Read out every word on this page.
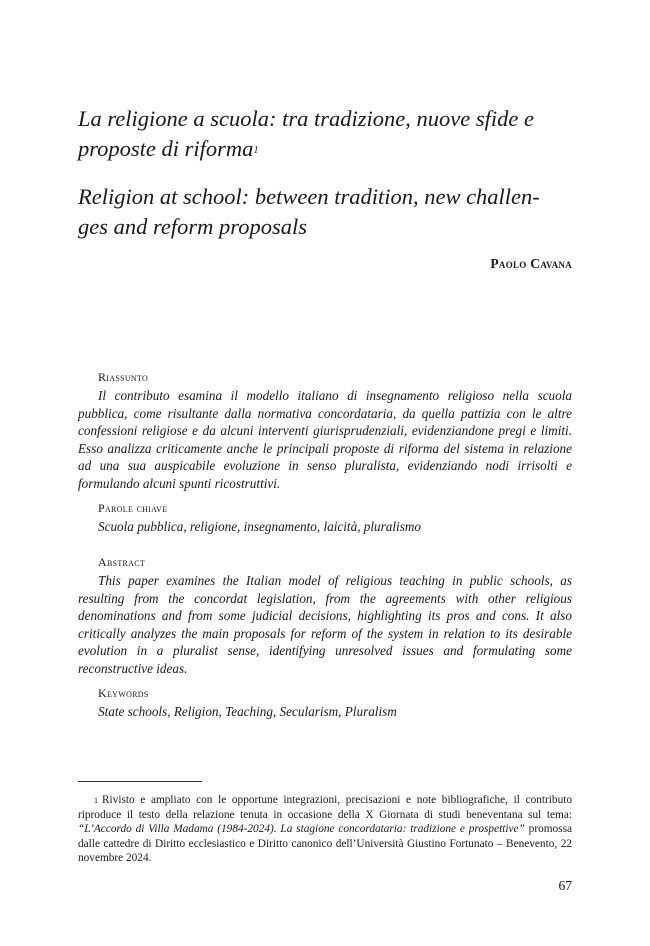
La religione a scuola: tra tradizione, nuove sfide e proposte di riforma$^1$
Religion at school: between tradition, new challen-
ges and reform proposals
Paolo Cavana
Riassunto
Il contributo esamina il modello italiano di insegnamento religioso nella scuola pubblica, come risultante dalla normativa concordataria, da quella pattizia con le altre confessioni religiose e da alcuni interventi giurisprudenziali, evidenziandone pregi e limiti. Esso analizza criticamente anche le principali proposte di riforma del sistema in relazione ad una sua auspicabile evoluzione in senso pluralista, evidenziando nodi irrisolti e formulando alcuni spunti ricostruttivi.
Parole chiave
Scuola pubblica, religione, insegnamento, laicità, pluralismo
Abstract
This paper examines the Italian model of religious teaching in public schools, as resulting from the concordat legislation, from the agreements with other religious denominations and from some judicial decisions, highlighting its pros and cons. It also critically analyzes the main proposals for reform of the system in relation to its desirable evolution in a pluralist sense, identifying unresolved issues and formulating some reconstructive ideas.
Keywords
State schools, Religion, Teaching, Secularism, Pluralism
$^1$ Rivisto e ampliato con le opportune integrazioni, precisazioni e note bibliografiche, il contributo riproduce il testo della relazione tenuta in occasione della X Giornata di studi beneventana sul tema: “L’Accordo di Villa Madama (1984-2024). La stagione concordataria: tradizione e prospettive” promossa dalle cattedre di Diritto ecclesiastico e Diritto canonico dell’Università Giustino Fortunato – Benevento, 22 novembre 2024.
67
